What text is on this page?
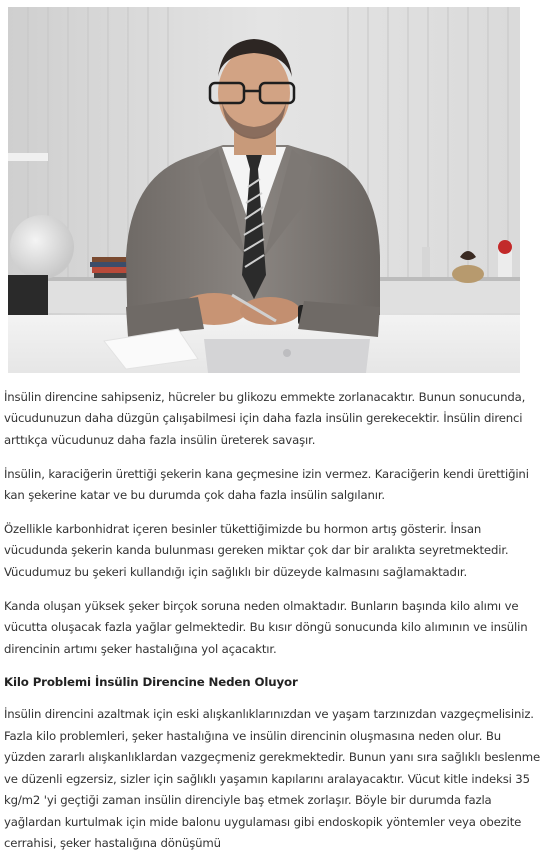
İnsülin direncine sahipseniz, hücreler bu glikozu emmekte zorlanacaktır. Bunun sonucunda, vücudunuzun daha düzgün çalışabilmesi için daha fazla insülin gerekecektir. İnsülin direnci arttıkça vücudunuz daha fazla insülin üreterek savaşır.

İnsülin, karaciğerin ürettiği şekerin kana geçmesine izin vermez. Karaciğerin kendi ürettiğini kan şekerine katar ve bu durumda çok daha fazla insülin salgılanır.

Özellikle karbonhidrat içeren besinler tükettiğimizde bu hormon artış gösterir. İnsan vücudunda şekerin kanda bulunması gereken miktar çok dar bir aralıkta seyretmektedir. Vücudumuz bu şekeri kullandığı için sağlıklı bir düzeyde kalmasını sağlamaktadır.

Kanda oluşan yüksek şeker birçok soruna neden olmaktadır. Bunların başında kilo alımı ve vücutta oluşacak fazla yağlar gelmektedir. Bu kısır döngü sonucunda kilo alımının ve insülin direncinin artımı şeker hastalığına yol açacaktır.

Kilo Problemi İnsülin Direncine Neden Oluyor

İnsülin direncini azaltmak için eski alışkanlıklarınızdan ve yaşam tarzınızdan vazgeçmelisiniz. Fazla kilo problemleri, şeker hastalığına ve insülin direncinin oluşmasına neden olur. Bu yüzden zararlı alışkanlıklardan vazgeçmeniz gerekmektedir. Bunun yanı sıra sağlıklı beslenme ve düzenli egzersiz, sizler için sağlıklı yaşamın kapılarını aralayacaktır. Vücut kitle indeksi 35 kg/m2 'yi geçtiği zaman insülin direnciyle baş etmek zorlaşır. Böyle bir durumda fazla yağlardan kurtulmak için mide balonu uygulaması gibi endoskopik yöntemler veya obezite cerrahisi, şeker hastalığına dönüşümü
